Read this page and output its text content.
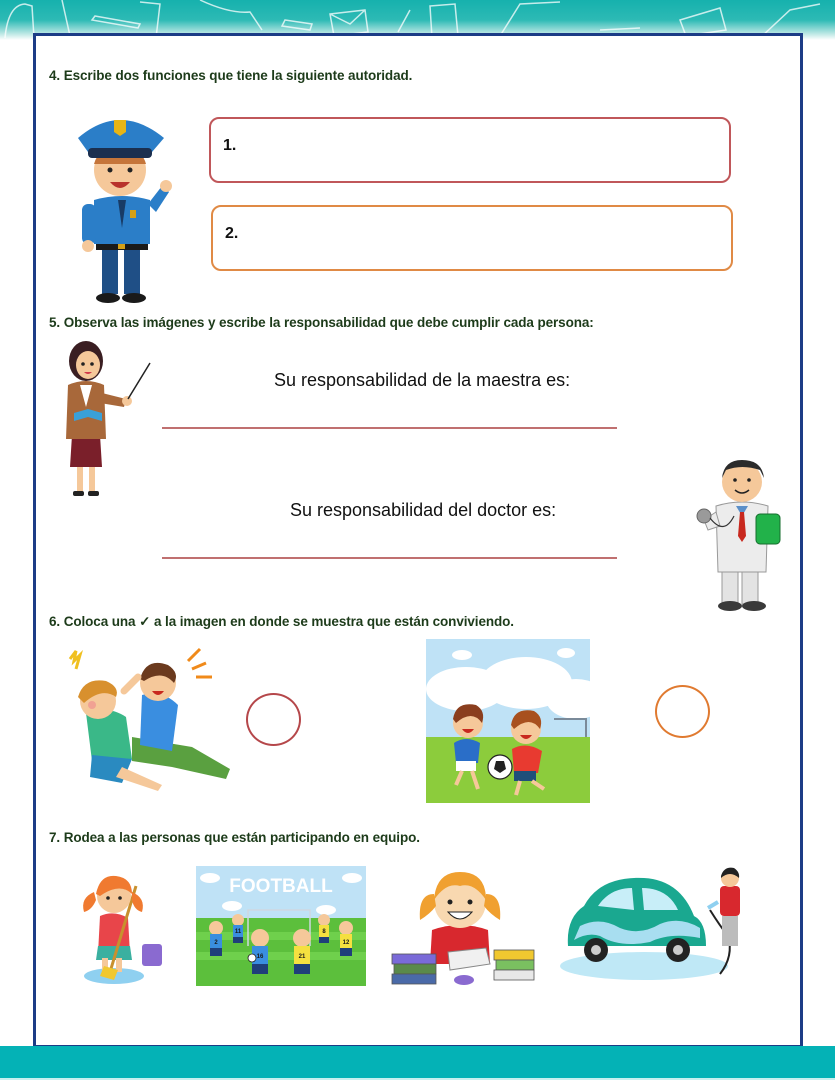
4. Escribe dos funciones que tiene la siguiente autoridad.
1.
2.
5. Observa las imágenes y escribe la responsabilidad que debe cumplir cada persona:
Su responsabilidad de la maestra es:
Su responsabilidad del doctor es:
6. Coloca una ✓ a la imagen en donde se muestra que están conviviendo.
7. Rodea a las personas que están participando en equipo.
FOOTBALL
2
11
16	21
8
12
